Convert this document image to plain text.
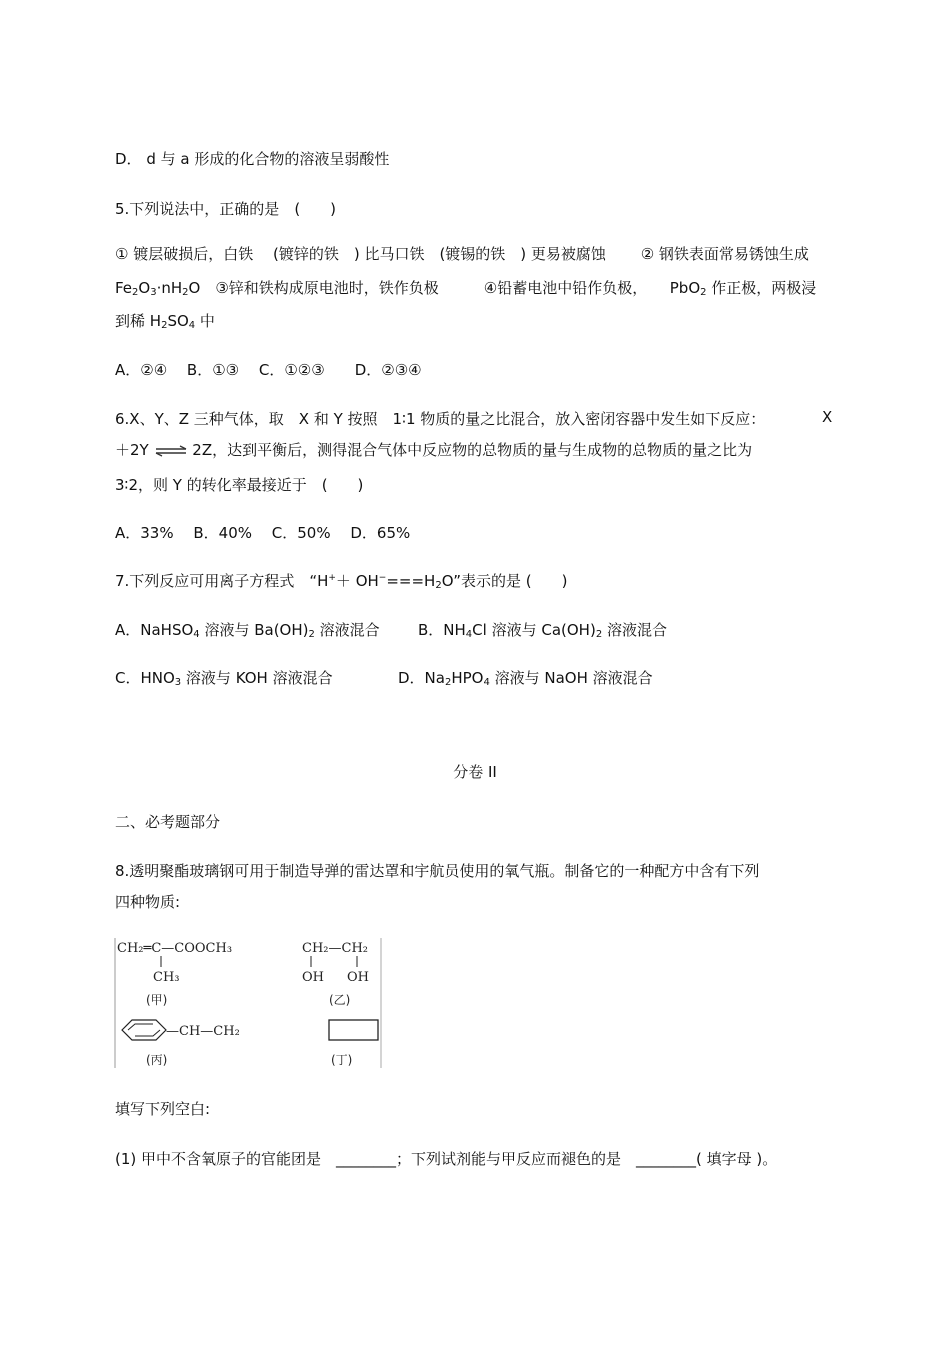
D． d 与 a 形成的化合物的溶液呈弱酸性
5.下列说法中，正确的是　(　　)
① 镀层破损后，白铁　 (镀锌的铁　) 比马口铁　(镀锡的铁　) 更易被腐蚀　　 ② 钢铁表面常易锈蚀生成
$Fe_2O_3\cdot nH_2O$　③锌和铁构成原电池时，铁作负极　　　④铅蓄电池中铅作负极，　　PbO$_2$ 作正极，两极浸
到稀 $H_2SO_4$ 中
A．②④　 B．①③　 C．①②③　　D．②③④
6.X、Y、Z 三种气体，取　X 和 Y 按照　1∶1 物质的量之比混合，放入密闭容器中发生如下反应：	X
＋2Y ⇌ 2Z，达到平衡后，测得混合气体中反应物的总物质的量与生成物的总物质的量之比为
3∶2，则 Y 的转化率最接近于　(　　)
A．33%　 B．40%　 C．50%　 D．65%
7.下列反应可用离子方程式　“$H^++ OH^-===H_2O$”表示的是 (　　)
A．NaHSO$_4$ 溶液与 $Ba(OH)_2$ 溶液混合	B．$NH_4Cl$ 溶液与 $Ca(OH)_2$ 溶液混合
C．$HNO_3$ 溶液与 KOH 溶液混合	D．$Na_2HPO_4$ 溶液与 NaOH 溶液混合
分卷 II
二、必考题部分
8.透明聚酯玻璃钢可用于制造导弹的雷达罩和宇航员使用的氧气瓶。制备它的一种配方中含有下列
四种物质:
CH₂═C—COOCH₃
CH₃
(甲)
CH₂—CH₂
OH OH
(乙)
—CH—CH₂
(丙)	(丁)
填写下列空白:
(1) 甲中不含氧原子的官能团是　________；下列试剂能与甲反应而褪色的是　________( 填字母 )。
